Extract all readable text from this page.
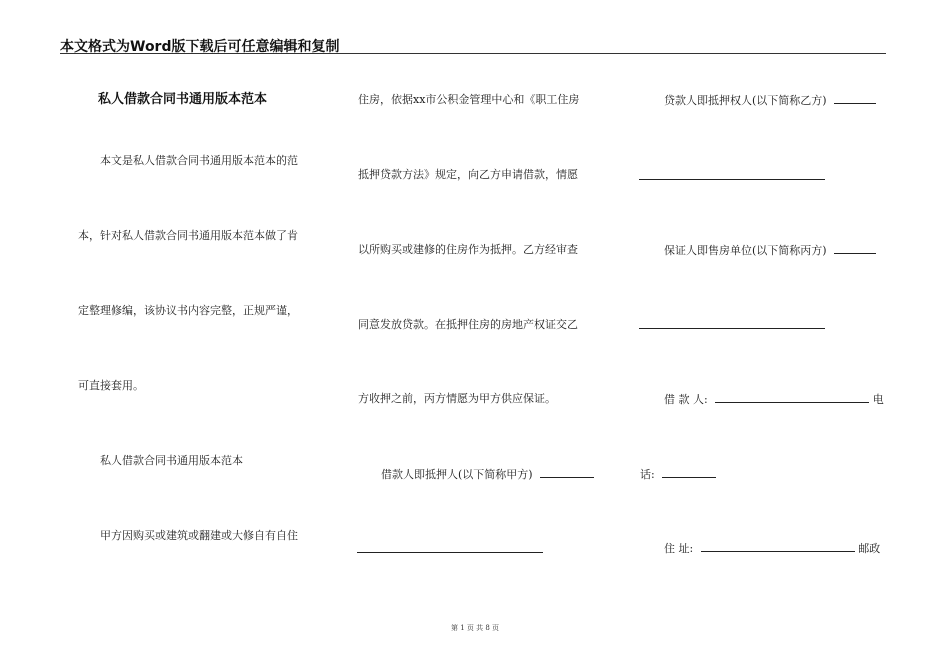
本文格式为Word版下载后可任意编辑和复制
私人借款合同书通用版本范本
本文是私人借款合同书通用版本范本的范
本，针对私人借款合同书通用版本范本做了肯
定整理修编，该协议书内容完整，正规严谨，
可直接套用。
私人借款合同书通用版本范本
甲方因购买或建筑或翻建或大修自有自住
住房，依据xx市公积金管理中心和《职工住房
抵押贷款方法》规定，向乙方申请借款，情愿
以所购买或建修的住房作为抵押。乙方经审查
同意发放贷款。在抵押住房的房地产权证交乙
方收押之前，丙方情愿为甲方供应保证。
借款人即抵押人(以下简称甲方)
贷款人即抵押权人(以下简称乙方)
保证人即售房单位(以下简称丙方)
借 款 人:	电
话:
住 址:	邮政
第 1 页 共 8 页
